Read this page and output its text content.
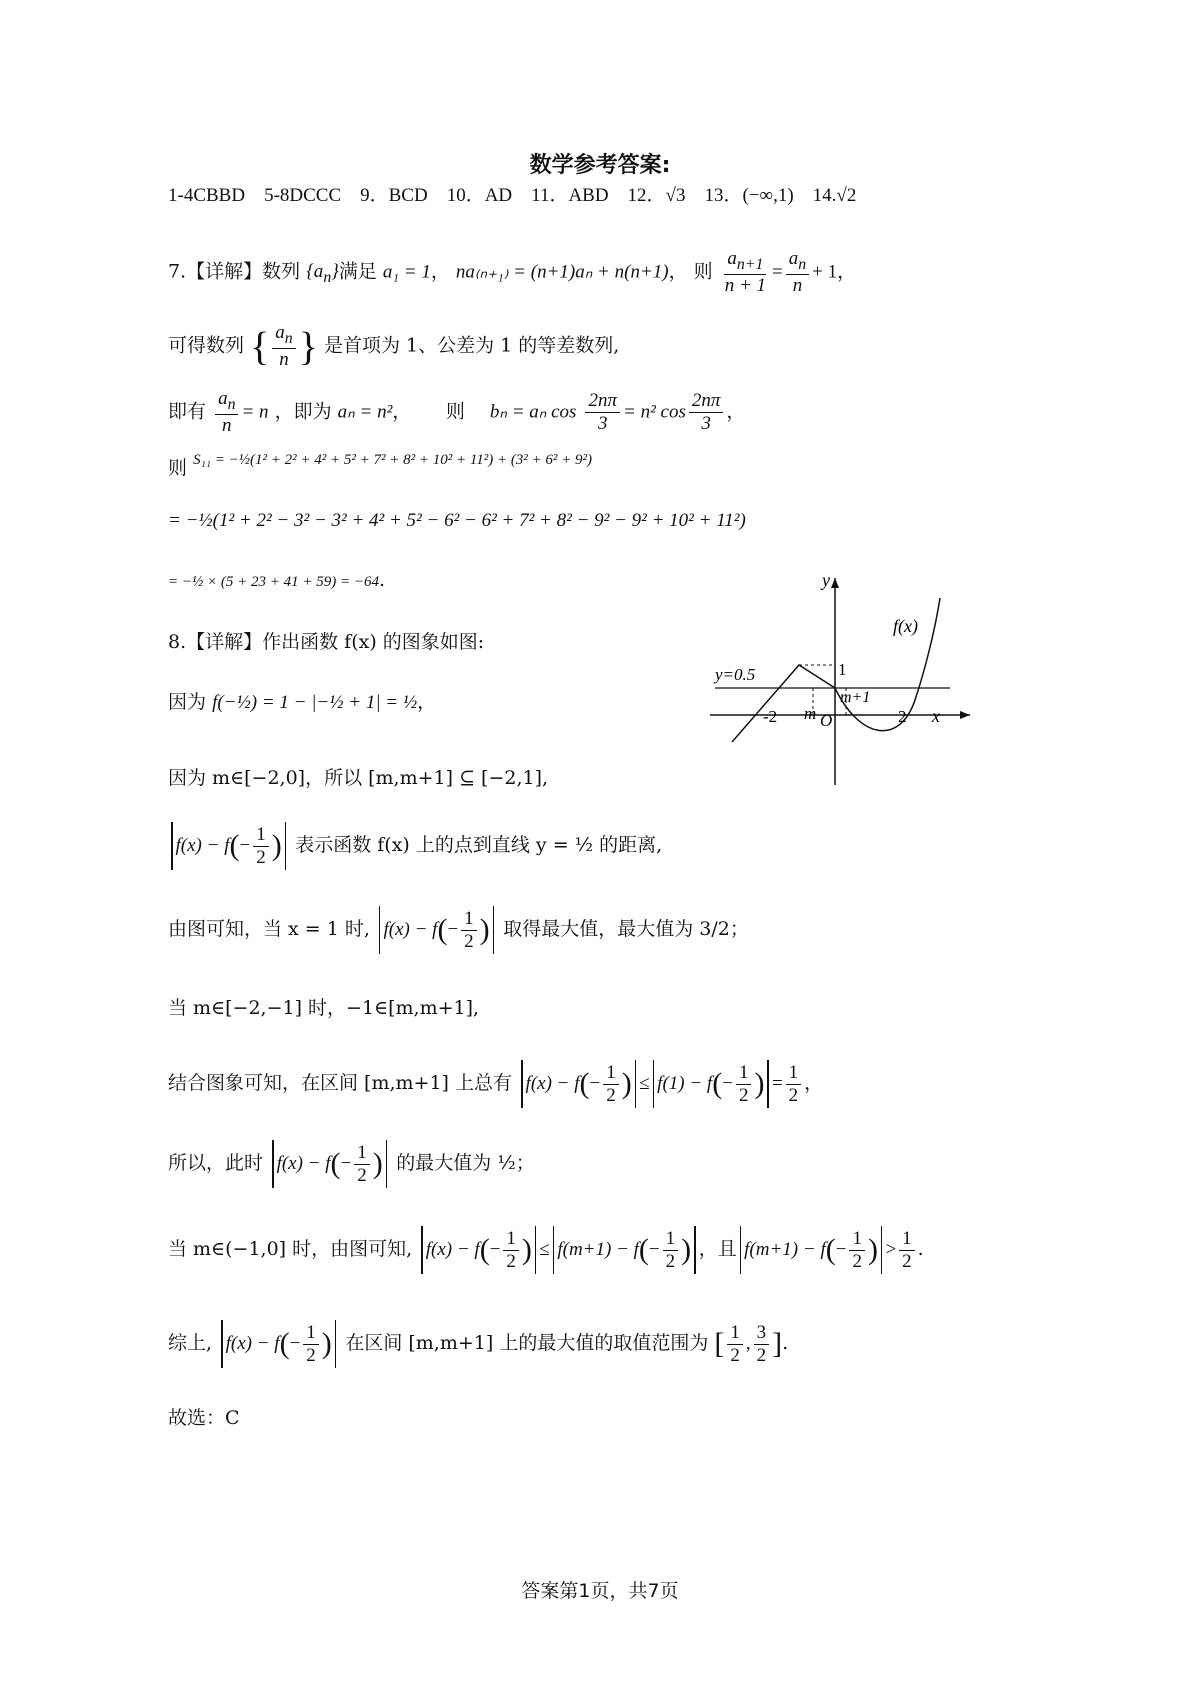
数学参考答案:
1-4CBBD　5-8DCCC　9．BCD　10．AD　11．ABD　12．√3　13．(−∞,1)　14.√2
7.【详解】数列 $\{a_n\}$满足 a₁ = 1， na₍ₙ₊₁₎ = (n+1)aₙ + n(n+1)， 则 $\frac{a_{n+1}}{n + 1} = \frac{a_n}{n} + 1$，
可得数列 { $\frac{a_n}{n}$ } 是首项为 1、公差为 1 的等差数列,
即有 $\frac{a_n}{n} = n$ ，即为 aₙ = n²，　　 则　 bₙ = aₙ $\cos \frac{2n\pi}{3} = n^2$ $\cos \frac{2n\pi}{3}$ ，
则 S₁₁ = −½(1² + 2² + 4² + 5² + 7² + 8² + 10² + 11²) + (3² + 6² + 9²)
= −½(1² + 2² − 3² − 3² + 4² + 5² − 6² − 6² + 7² + 8² − 9² − 9² + 10² + 11²)
= −½ × (5 + 23 + 41 + 59) = −64.
8.【详解】作出函数 f(x) 的图象如图:
因为 f(−½) = 1 − |−½ + 1| = ½，
因为 m∈[−2,0]，所以 [m,m+1] ⊆ [−2,1],
$f(x) - f(- \frac{1}{2}$ ) 表示函数 f(x) 上的点到直线 y = ½ 的距离,
由图可知，当 x = 1 时, $f(x) - f(- \frac{1}{2}$ ) 取得最大值，最大值为 3/2；
当 m∈[−2,−1] 时，−1∈[m,m+1],
结合图象可知，在区间 [m,m+1] 上总有 $f(x) - f(- \frac{1}{2}$ ) ≤ $f(1) - f(- \frac{1}{2}$ ) = $\frac{1}{2}$ ，
所以，此时 $f(x) - f(- \frac{1}{2}$ ) 的最大值为 ½；
当 m∈(−1,0] 时，由图可知, $f(x) - f(- \frac{1}{2}$ ) ≤ $f(m+1) - f(- \frac{1}{2}$ ) ，且 $f(m+1) - f(- \frac{1}{2}$ ) > $\frac{1}{2}$ .
综上, $f(x) - f(- \frac{1}{2}$ ) 在区间 [m,m+1] 上的最大值的取值范围为 [ $\frac{1}{2}$ , $\frac{3}{2}$ ].
故选：C
y
x
f(x)
y=0.5	1
m+1
-2 m O	2
答案第1页，共7页
